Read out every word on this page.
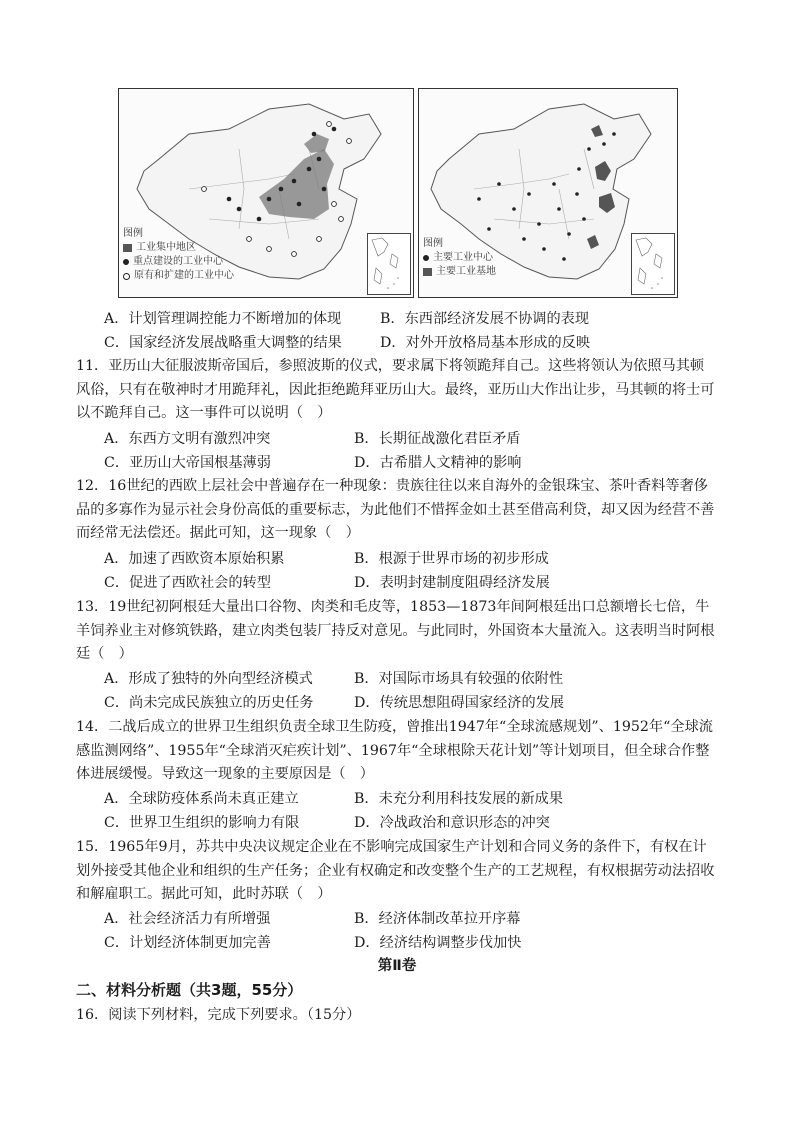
图例
工业集中地区
重点建设的工业中心
原有和扩建的工业中心
图例
主要工业中心
主要工业基地
A．计划管理调控能力不断增加的体现	B．东西部经济发展不协调的表现
C．国家经济发展战略重大调整的结果	D．对外开放格局基本形成的反映
11．亚历山大征服波斯帝国后，参照波斯的仪式，要求属下将领跪拜自己。这些将领认为依照马其顿风俗，只有在敬神时才用跪拜礼，因此拒绝跪拜亚历山大。最终，亚历山大作出让步，马其顿的将士可以不跪拜自己。这一事件可以说明（　）
A．东西方文明有激烈冲突	B．长期征战激化君臣矛盾
C．亚历山大帝国根基薄弱	D．古希腊人文精神的影响
12．16世纪的西欧上层社会中普遍存在一种现象：贵族往往以来自海外的金银珠宝、茶叶香料等奢侈品的多寡作为显示社会身份高低的重要标志，为此他们不惜挥金如土甚至借高利贷，却又因为经营不善而经常无法偿还。据此可知，这一现象（　）
A．加速了西欧资本原始积累	B．根源于世界市场的初步形成
C．促进了西欧社会的转型	D．表明封建制度阻碍经济发展
13．19世纪初阿根廷大量出口谷物、肉类和毛皮等，1853—1873年间阿根廷出口总额增长七倍，牛羊饲养业主对修筑铁路，建立肉类包装厂持反对意见。与此同时，外国资本大量流入。这表明当时阿根廷（　）
A．形成了独特的外向型经济模式	B．对国际市场具有较强的依附性
C．尚未完成民族独立的历史任务	D．传统思想阻碍国家经济的发展
14．二战后成立的世界卫生组织负责全球卫生防疫，曾推出1947年“全球流感规划”、1952年“全球流感监测网络”、1955年“全球消灭疟疾计划”、1967年“全球根除天花计划”等计划项目，但全球合作整体进展缓慢。导致这一现象的主要原因是（　）
A．全球防疫体系尚未真正建立	B．未充分利用科技发展的新成果
C．世界卫生组织的影响力有限	D．冷战政治和意识形态的冲突
15．1965年9月，苏共中央决议规定企业在不影响完成国家生产计划和合同义务的条件下，有权在计划外接受其他企业和组织的生产任务；企业有权确定和改变整个生产的工艺规程，有权根据劳动法招收和解雇职工。据此可知，此时苏联（　）
A．社会经济活力有所增强	B．经济体制改革拉开序幕
C．计划经济体制更加完善	D．经济结构调整步伐加快
第Ⅱ卷
二、材料分析题（共3题，55分）
16．阅读下列材料，完成下列要求。（15分）
